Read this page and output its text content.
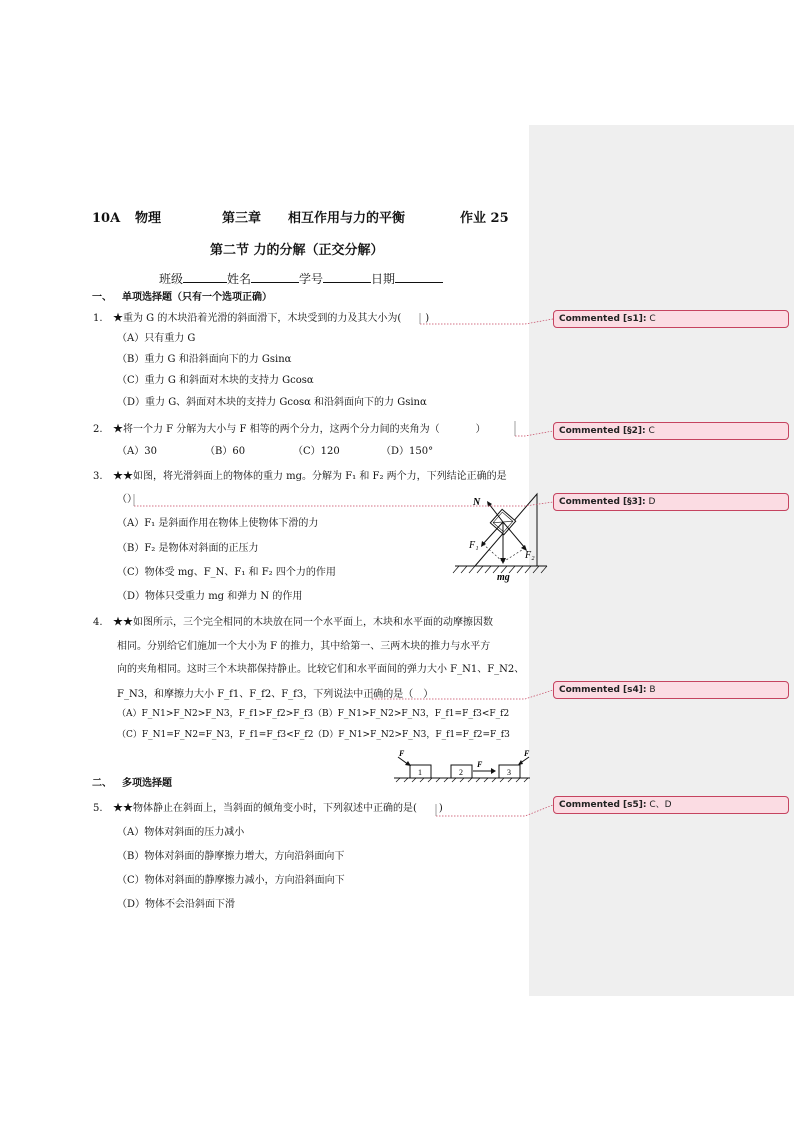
10A 物理	第三章 相互作用与力的平衡	作业 25
第二节 力的分解（正交分解）
班级	姓名	学号	日期
一、 单项选择题（只有一个选项正确）
1. ★重为 G 的木块沿着光滑的斜面滑下，木块受到的力及其大小为( )
（A）只有重力 G
（B）重力 G 和沿斜面向下的力 Gsinα
（C）重力 G 和斜面对木块的支持力 Gcosα
（D）重力 G、斜面对木块的支持力 Gcosα 和沿斜面向下的力 Gsinα
2. ★将一个力 F 分解为大小与 F 相等的两个分力，这两个分力间的夹角为（	）
（A）30	（B）60	（C）120	（D）150°
3. ★★如图，将光滑斜面上的物体的重力 mg。分解为 F₁ 和 F₂ 两个力，下列结论正确的是
（）
（A）F₁ 是斜面作用在物体上使物体下滑的力
（B）F₂ 是物体对斜面的正压力
（C）物体受 mg、F_N、F₁ 和 F₂ 四个力的作用
（D）物体只受重力 mg 和弹力 N 的作用
N
F₁
F₂
mg
4. ★★如图所示，三个完全相同的木块放在同一个水平面上，木块和水平面的动摩擦因数
相同。分别给它们施加一个大小为 F 的推力，其中给第一、三两木块的推力与水平方
向的夹角相同。这时三个木块都保持静止。比较它们和水平面间的弹力大小 F_N1、F_N2、
F_N3，和摩擦力大小 F_f1、F_f2、F_f3，下列说法中正确的是（　）
（A）F_N1>F_N2>F_N3，F_f1>F_f2>F_f3 （B）F_N1>F_N2>F_N3，F_f1=F_f3<F_f2
（C）F_N1=F_N2=F_N3，F_f1=F_f3<F_f2 （D）F_N1>F_N2>F_N3，F_f1=F_f2=F_f3
F
1	2
F
3
F
二、 多项选择题
5. ★★物体静止在斜面上，当斜面的倾角变小时，下列叙述中正确的是( )
（A）物体对斜面的压力减小
（B）物体对斜面的静摩擦力增大，方向沿斜面向下
（C）物体对斜面的静摩擦力减小，方向沿斜面向下
（D）物体不会沿斜面下滑
Commented [s1]: C
Commented [§2]: C
Commented [§3]: D
Commented [s4]: B
Commented [s5]: C、D
